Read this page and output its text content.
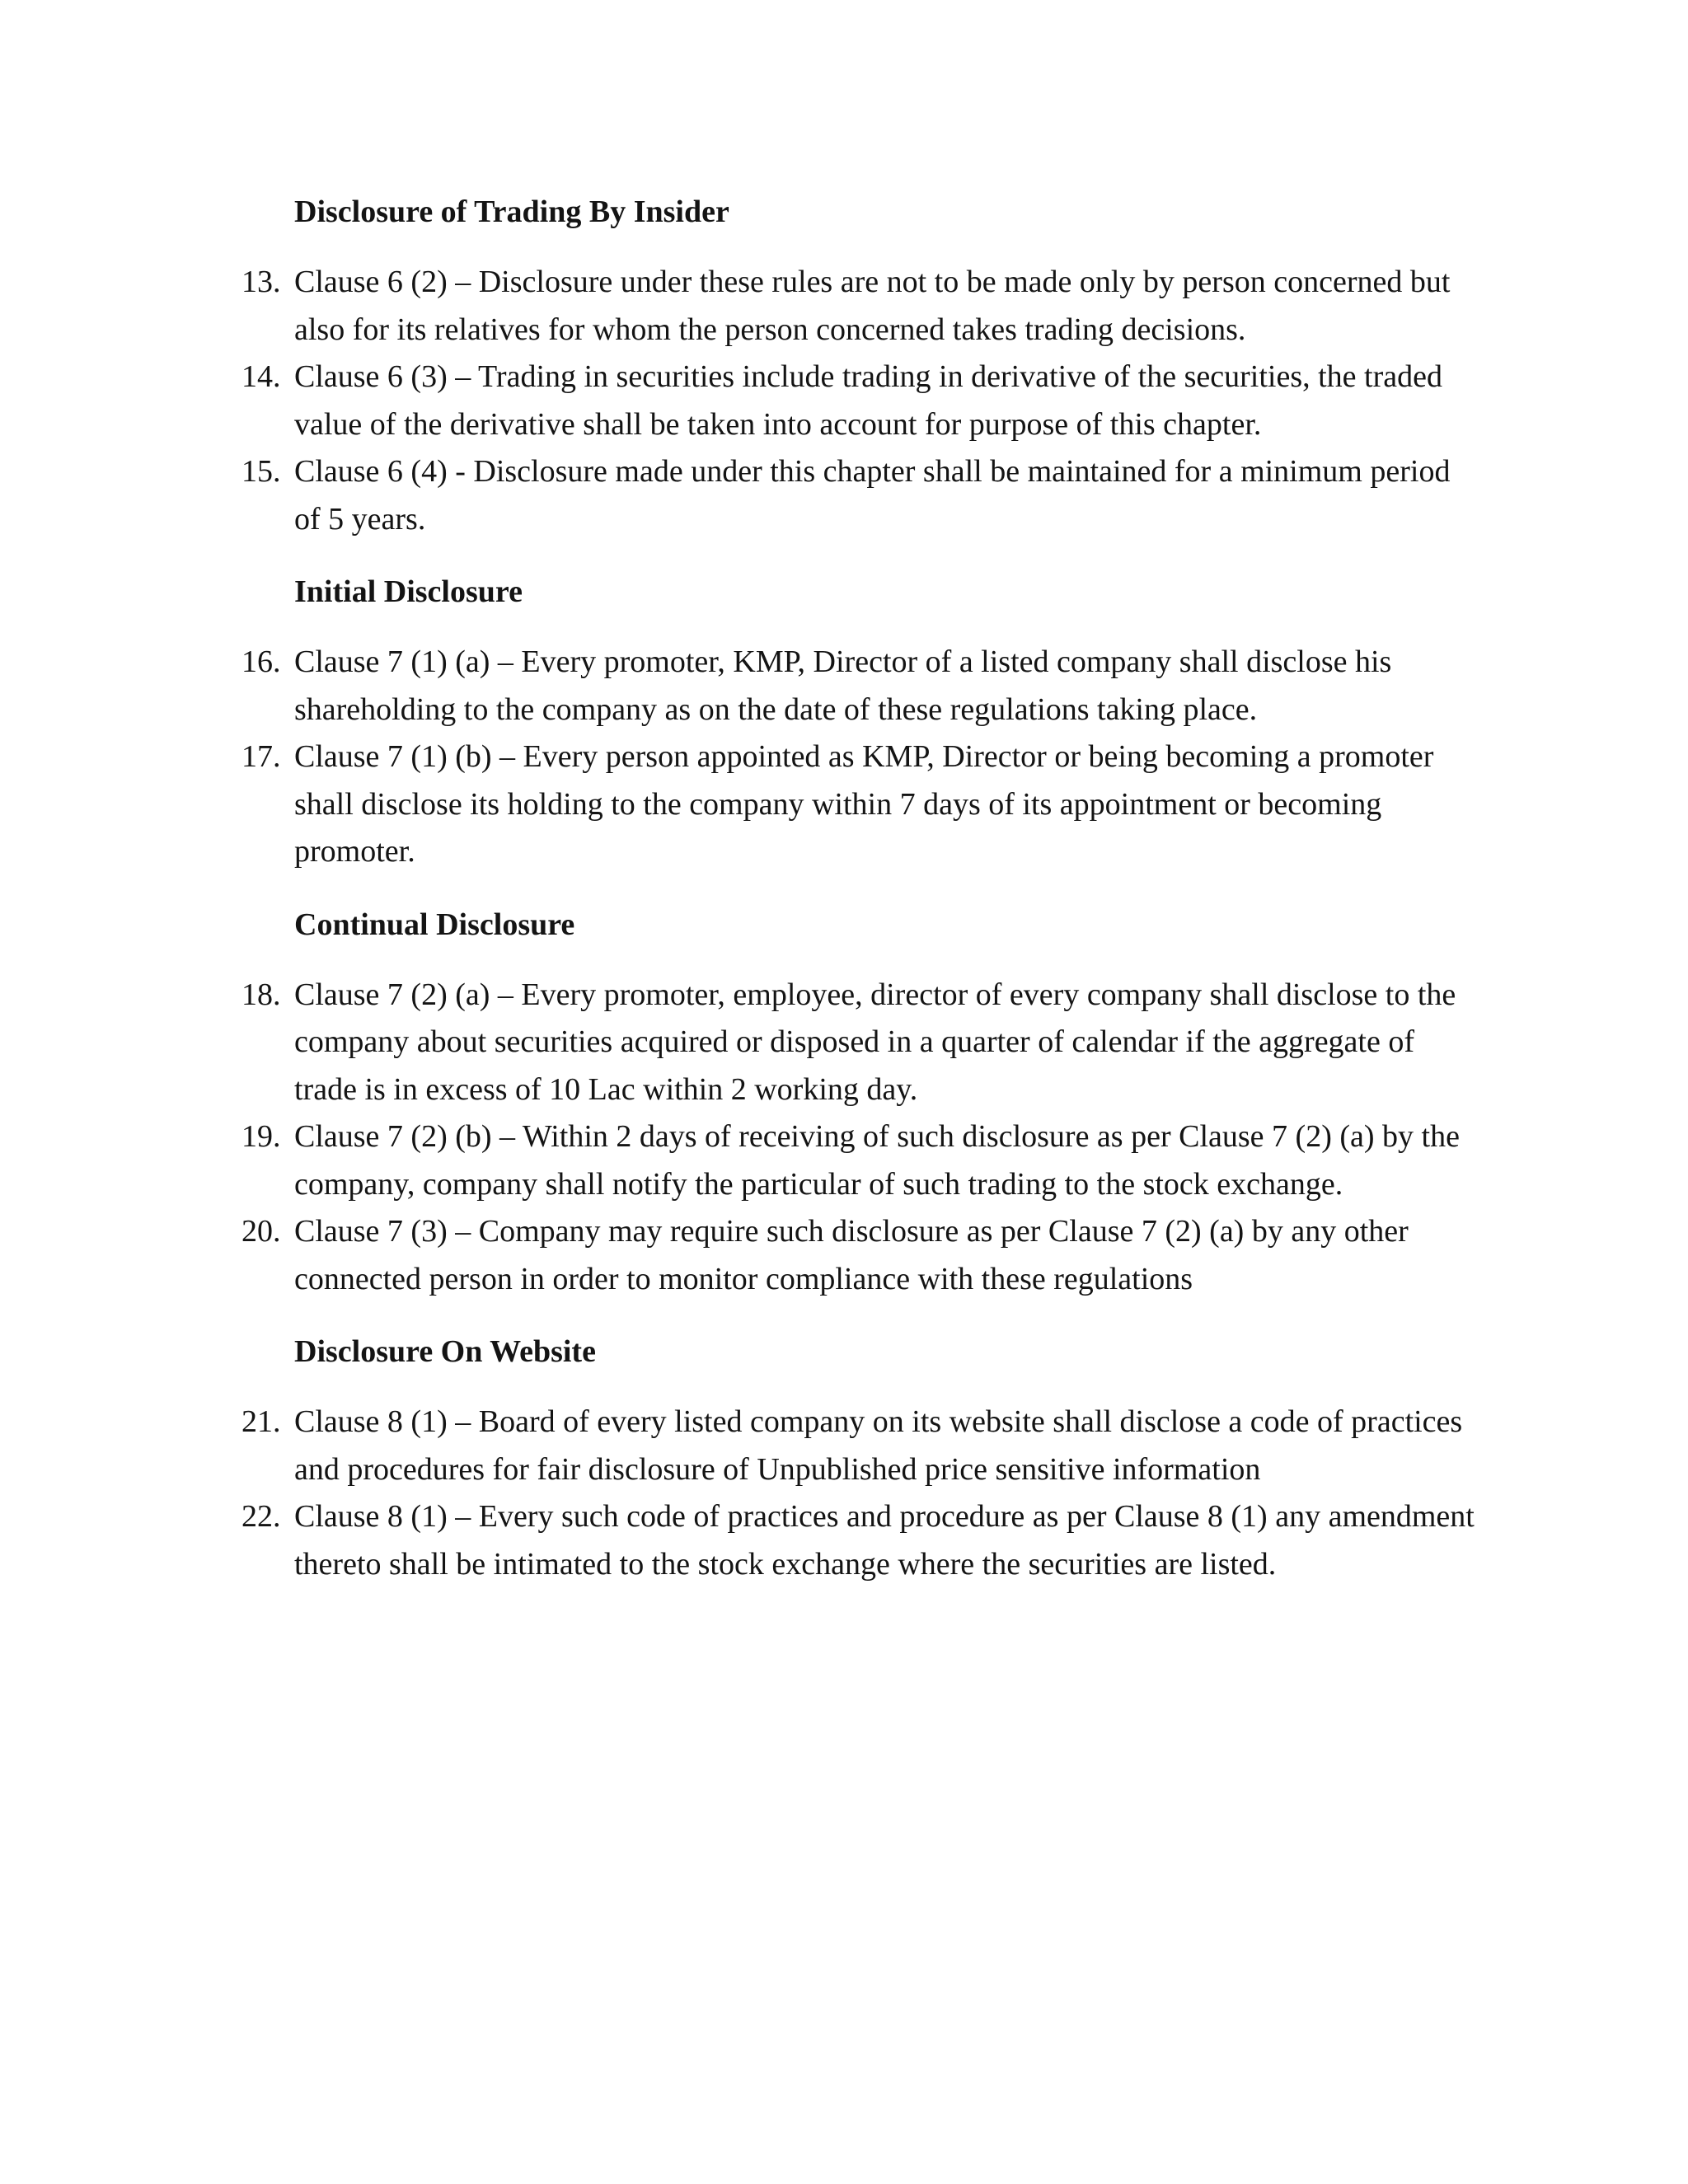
Disclosure of Trading By Insider
13. Clause 6 (2) – Disclosure under these rules are not to be made only by person concerned but also for its relatives for whom the person concerned takes trading decisions.
14. Clause 6 (3) – Trading in securities include trading in derivative of the securities, the traded value of the derivative shall be taken into account for purpose of this chapter.
15. Clause 6 (4) - Disclosure made under this chapter shall be maintained for a minimum period of 5 years.
Initial Disclosure
16. Clause 7 (1) (a) – Every promoter, KMP, Director of a listed company shall disclose his shareholding to the company as on the date of these regulations taking place.
17. Clause 7 (1) (b) – Every person appointed as KMP, Director or being becoming a promoter shall disclose its holding to the company within 7 days of its appointment or becoming promoter.
Continual Disclosure
18. Clause 7 (2) (a) – Every promoter, employee, director of every company shall disclose to the company about securities acquired or disposed in a quarter of calendar if the aggregate of trade is in excess of 10 Lac within 2 working day.
19. Clause 7 (2) (b) – Within 2 days of receiving of such disclosure as per Clause 7 (2) (a) by the company, company shall notify the particular of such trading to the stock exchange.
20. Clause 7 (3) – Company may require such disclosure as per Clause 7 (2) (a) by any other connected person in order to monitor compliance with these regulations
Disclosure On Website
21. Clause 8 (1) – Board of every listed company on its website shall disclose a code of practices and procedures for fair disclosure of Unpublished price sensitive information
22. Clause 8 (1) – Every such code of practices and procedure as per Clause 8 (1) any amendment thereto shall be intimated to the stock exchange where the securities are listed.
